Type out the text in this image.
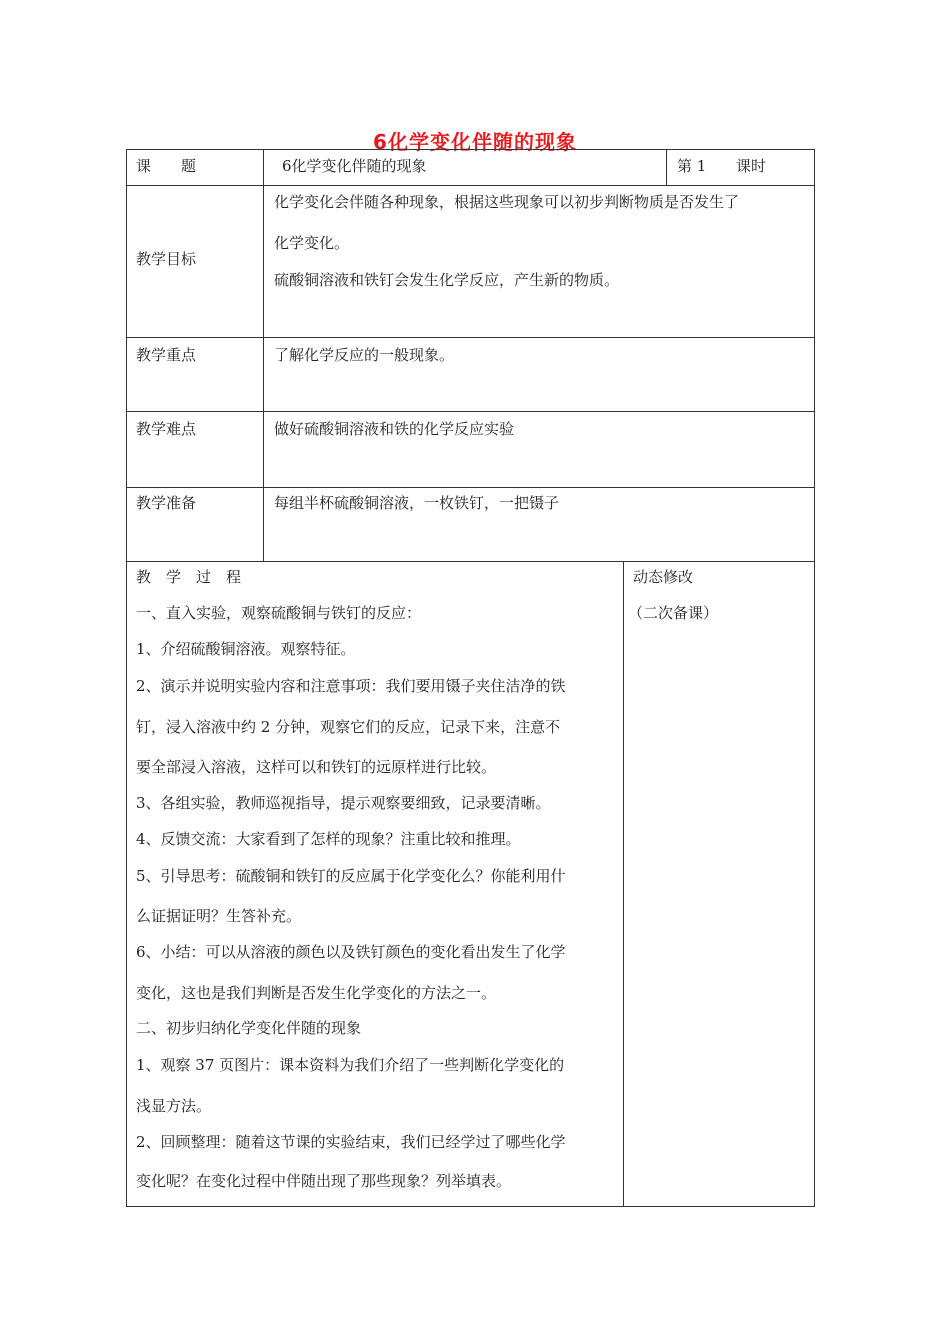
6化学变化伴随的现象
课　　题	6化学变化伴随的现象	第 1 课时
教学目标
化学变化会伴随各种现象，根据这些现象可以初步判断物质是否发生了
化学变化。
硫酸铜溶液和铁钉会发生化学反应，产生新的物质。
教学重点	了解化学反应的一般现象。
教学难点	做好硫酸铜溶液和铁的化学反应实验
教学准备	每组半杯硫酸铜溶液，一枚铁钉，一把镊子

教　学　过　程

一、直入实验，观察硫酸铜与铁钉的反应：

1、介绍硫酸铜溶液。观察特征。

2、演示并说明实验内容和注意事项：我们要用镊子夹住洁净的铁

钉，浸入溶液中约 2 分钟，观察它们的反应，记录下来，注意不

要全部浸入溶液，这样可以和铁钉的远原样进行比较。

3、各组实验，教师巡视指导，提示观察要细致，记录要清晰。

4、反馈交流：大家看到了怎样的现象？注重比较和推理。

5、引导思考：硫酸铜和铁钉的反应属于化学变化么？你能利用什

么证据证明？生答补充。

6、小结：可以从溶液的颜色以及铁钉颜色的变化看出发生了化学

变化，这也是我们判断是否发生化学变化的方法之一。

二、初步归纳化学变化伴随的现象

1、观察 37 页图片：课本资料为我们介绍了一些判断化学变化的

浅显方法。

2、回顾整理：随着这节课的实验结束，我们已经学过了哪些化学

变化呢？在变化过程中伴随出现了那些现象？列举填表。

动态修改
（二次备课）
